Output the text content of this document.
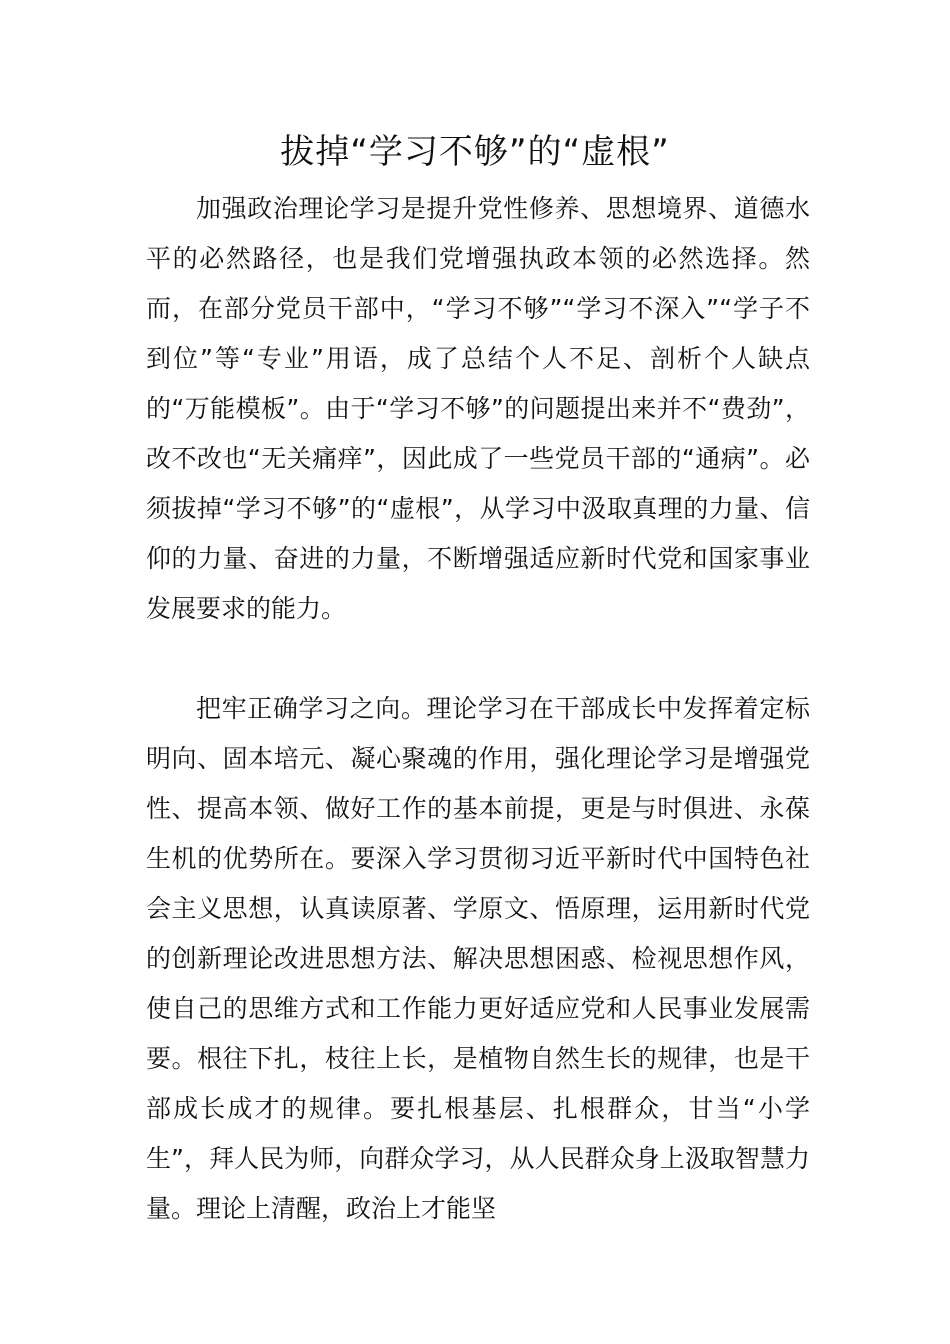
拔掉“学习不够”的“虚根”

加强政治理论学习是提升党性修养、思想境界、道德水平的必然路径，也是我们党增强执政本领的必然选择。然而，在部分党员干部中，“学习不够”“学习不深入”“学子不到位”等“专业”用语，成了总结个人不足、剖析个人缺点的“万能模板”。由于“学习不够”的问题提出来并不“费劲”，改不改也“无关痛痒”，因此成了一些党员干部的“通病”。必须拔掉“学习不够”的“虚根”，从学习中汲取真理的力量、信仰的力量、奋进的力量，不断增强适应新时代党和国家事业发展要求的能力。

把牢正确学习之向。理论学习在干部成长中发挥着定标明向、固本培元、凝心聚魂的作用，强化理论学习是增强党性、提高本领、做好工作的基本前提，更是与时俱进、永葆生机的优势所在。要深入学习贯彻习近平新时代中国特色社会主义思想，认真读原著、学原文、悟原理，运用新时代党的创新理论改进思想方法、解决思想困惑、检视思想作风，使自己的思维方式和工作能力更好适应党和人民事业发展需要。根往下扎，枝往上长，是植物自然生长的规律，也是干部成长成才的规律。要扎根基层、扎根群众，甘当“小学生”，拜人民为师，向群众学习，从人民群众身上汲取智慧力量。理论上清醒，政治上才能坚
